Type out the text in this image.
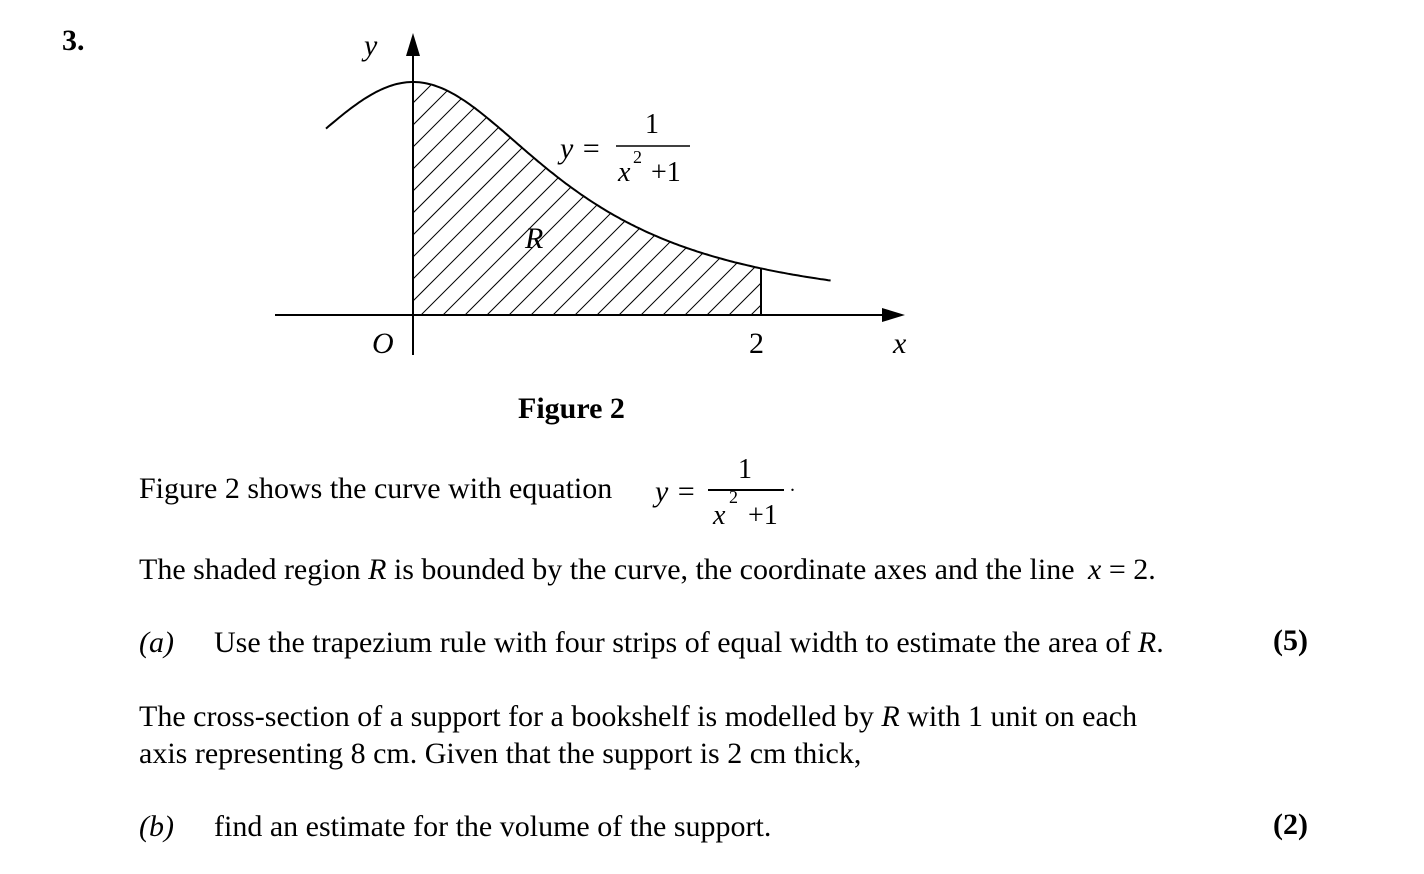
3.	y
x
O	2
R
y =
1
x 2 +1
Figure 2
Figure 2 shows the curve with equation y =
1
x
2
+1
.
The shaded region R is bounded by the curve, the coordinate axes and the line x = 2.
(a) Use the trapezium rule with four strips of equal width to estimate the area of R.	(5)
The cross-section of a support for a bookshelf is modelled by R with 1 unit on each
axis representing 8 cm. Given that the support is 2 cm thick,
(b) find an estimate for the volume of the support.	(2)
